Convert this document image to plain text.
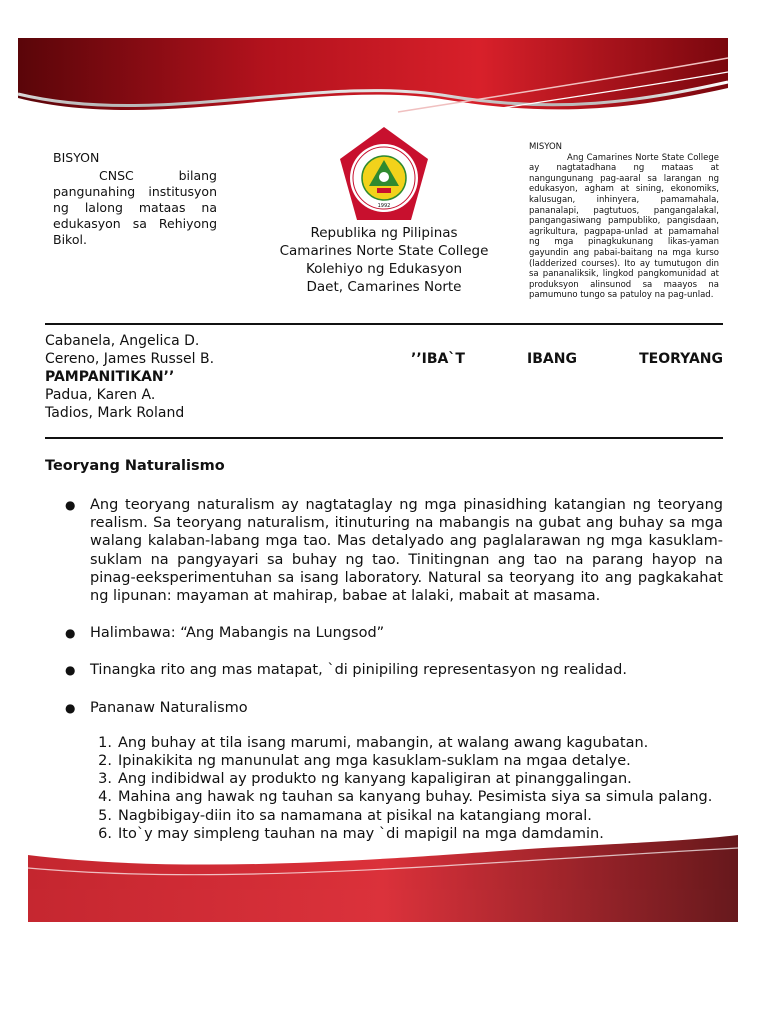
BISYON
CNSC bilang pangunahing institusyon ng lalong mataas na edukasyon sa Rehiyong Bikol.
1992
Republika ng Pilipinas
Camarines Norte State College
Kolehiyo ng Edukasyon
Daet, Camarines Norte
MISYON
Ang Camarines Norte State College ay nagtatadhana ng mataas at nangungunang pag-aaral sa larangan ng edukasyon, agham at sining, ekonomiks, kalusugan, inhinyera, pamamahala, pananalapi, pagtutuos, pangangalakal, pangangasiwang pampubliko, pangisdaan, agrikultura, pagpapa-unlad at pamamahal ng mga pinagkukunang likas-yaman gayundin ang pabai-baitang na mga kurso (ladderized courses). Ito ay tumutugon din sa pananaliksik, lingkod pangkomunidad at produksyon alinsunod sa maayos na pamumuno tungo sa patuloy na pag-unlad.
Cabanela, Angelica D.
Cereno, James Russel B.	’’IBA`T	IBANG	TEORYANG
PAMPANITIKAN’’
Padua, Karen A.
Tadios, Mark Roland
Teoryang Naturalismo
●	Ang teoryang naturalism ay nagtataglay ng mga pinasidhing katangian ng teoryang realism. Sa teoryang naturalism, itinuturing na mabangis na gubat ang buhay sa mga walang kalaban-labang mga tao. Mas detalyado ang paglalarawan ng mga kasuklam-suklam na pangyayari sa buhay ng tao. Tinitingnan ang tao na parang hayop na pinag-eeksperimentuhan sa isang laboratory. Natural sa teoryang ito ang pagkakahat ng lipunan: mayaman at mahirap, babae at lalaki, mabait at masama.
●	Halimbawa: “Ang Mabangis na Lungsod”
●	Tinangka rito ang mas matapat, `di pinipiling representasyon ng realidad.
●	Pananaw Naturalismo
1. Ang buhay at tila isang marumi, mabangin, at walang awang kagubatan.
2. Ipinakikita ng manunulat ang mga kasuklam-suklam na mgaa detalye.
3. Ang indibidwal ay produkto ng kanyang kapaligiran at pinanggalingan.
4. Mahina ang hawak ng tauhan sa kanyang buhay. Pesimista siya sa simula palang.
5. Nagbibigay-diin ito sa namamana at pisikal na katangiang moral.
6. Ito`y may simpleng tauhan na may `di mapigil na mga damdamin.
